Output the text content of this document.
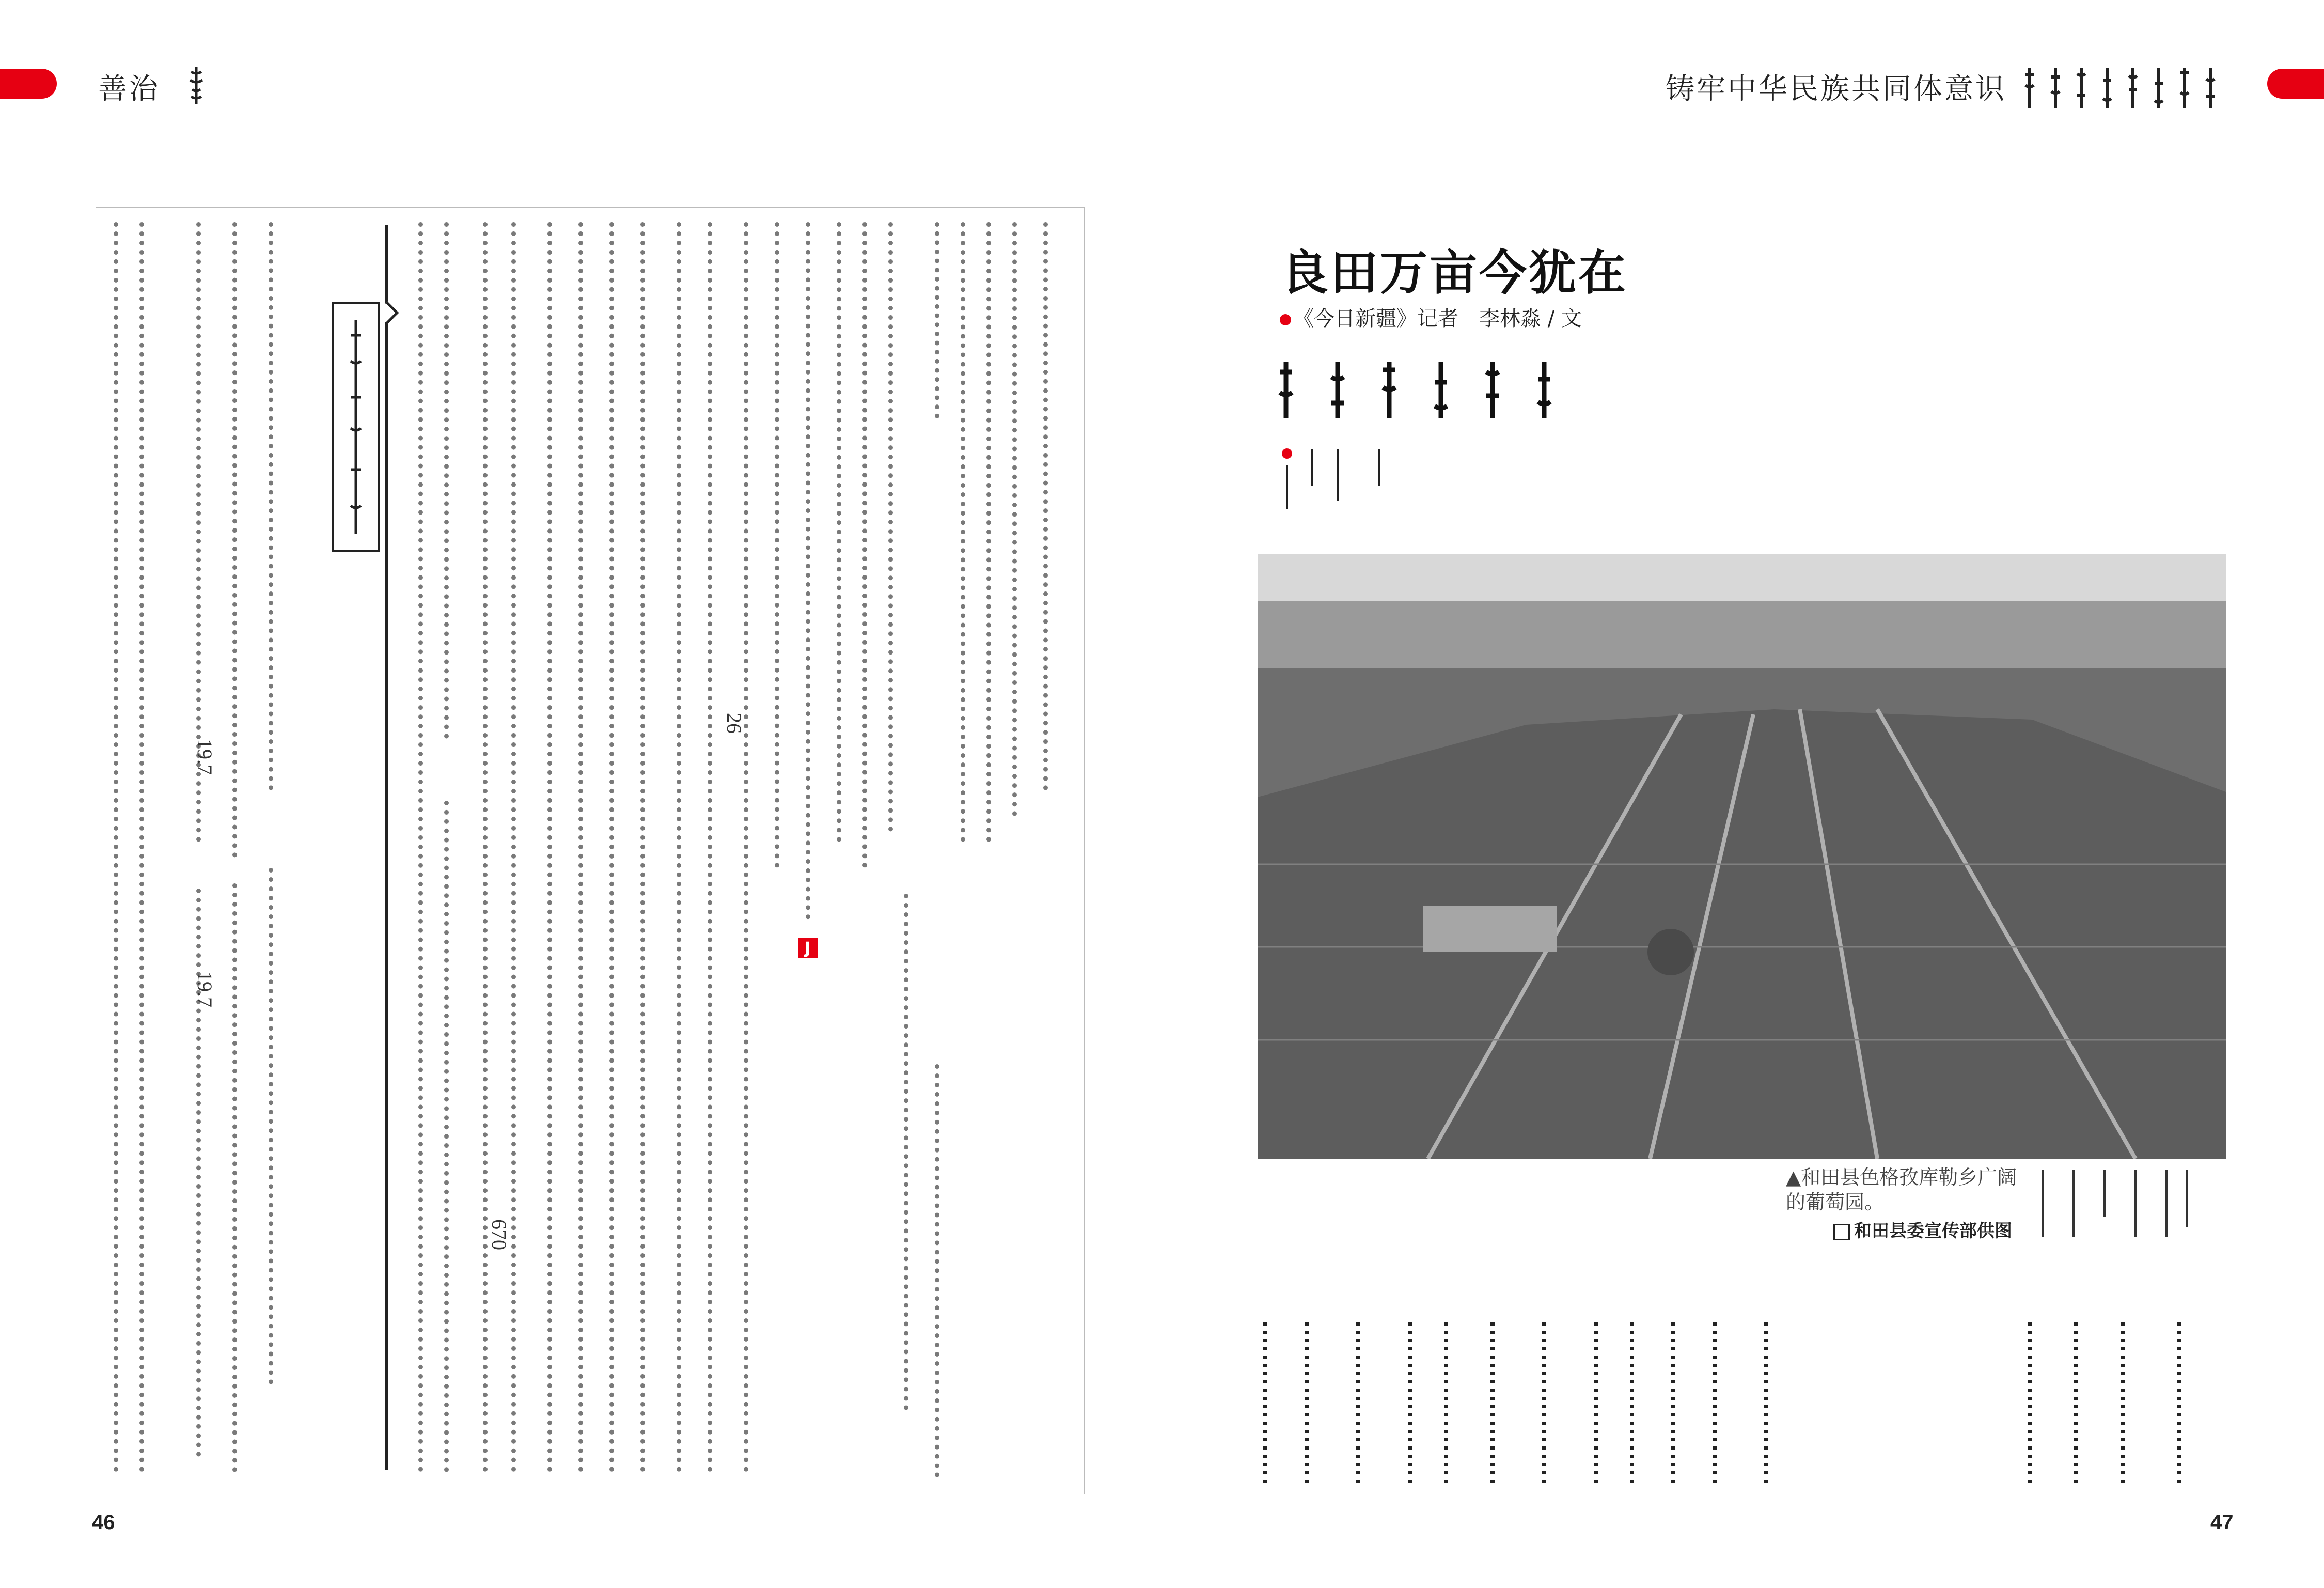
善治	铸牢中华民族共同体意识
J
19.7
19.7
26
670
46
良田万亩今犹在
《今日新疆》记者　李林淼 / 文
▲和田县色格孜库勒乡广阔的葡萄园。
和田县委宣传部供图
47
